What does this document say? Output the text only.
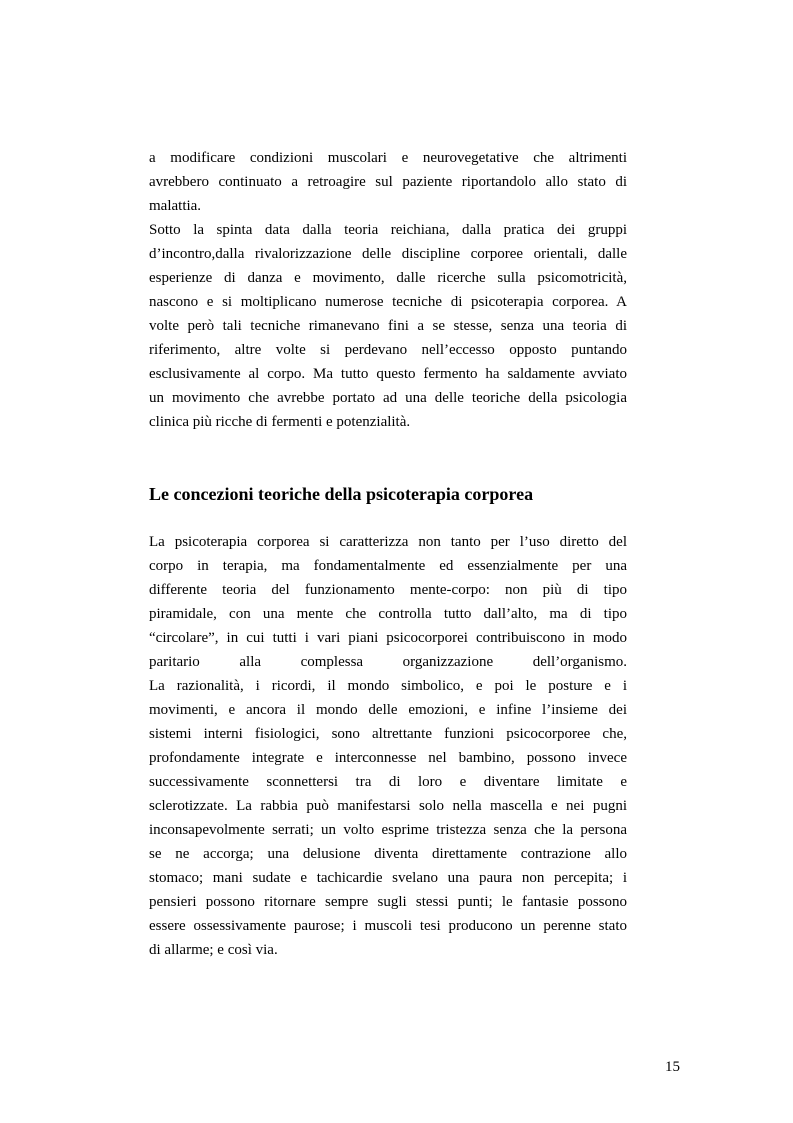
a modificare condizioni muscolari e neurovegetative che altrimenti
avrebbero continuato a retroagire sul paziente riportandolo allo stato di
malattia.
Sotto la spinta data dalla teoria reichiana, dalla pratica dei gruppi
d’incontro,dalla rivalorizzazione delle discipline corporee orientali, dalle
esperienze di danza e movimento, dalle ricerche sulla psicomotricità,
nascono e si moltiplicano numerose tecniche di psicoterapia corporea. A
volte però tali tecniche rimanevano fini a se stesse, senza una teoria di
riferimento, altre volte si perdevano nell’eccesso opposto puntando
esclusivamente al corpo. Ma tutto questo fermento ha saldamente avviato
un movimento che avrebbe portato ad una delle teoriche della psicologia
clinica più ricche di fermenti e potenzialità.
Le concezioni teoriche della psicoterapia corporea
La psicoterapia corporea si caratterizza non tanto per l’uso diretto del
corpo in terapia, ma fondamentalmente ed essenzialmente per una
differente teoria del funzionamento mente-corpo: non più di tipo
piramidale, con una mente che controlla tutto dall’alto, ma di tipo
“circolare”, in cui tutti i vari piani psicocorporei contribuiscono in modo
paritario alla complessa organizzazione dell’organismo.
La razionalità, i ricordi, il mondo simbolico, e poi le posture e i
movimenti, e ancora il mondo delle emozioni, e infine l’insieme dei
sistemi interni fisiologici, sono altrettante funzioni psicocorporee che,
profondamente integrate e interconnesse nel bambino, possono invece
successivamente sconnettersi tra di loro e diventare limitate e
sclerotizzate. La rabbia può manifestarsi solo nella mascella e nei pugni
inconsapevolmente serrati; un volto esprime tristezza senza che la persona
se ne accorga; una delusione diventa direttamente contrazione allo
stomaco; mani sudate e tachicardie svelano una paura non percepita; i
pensieri possono ritornare sempre sugli stessi punti; le fantasie possono
essere ossessivamente paurose; i muscoli tesi producono un perenne stato
di allarme; e così via.
15
